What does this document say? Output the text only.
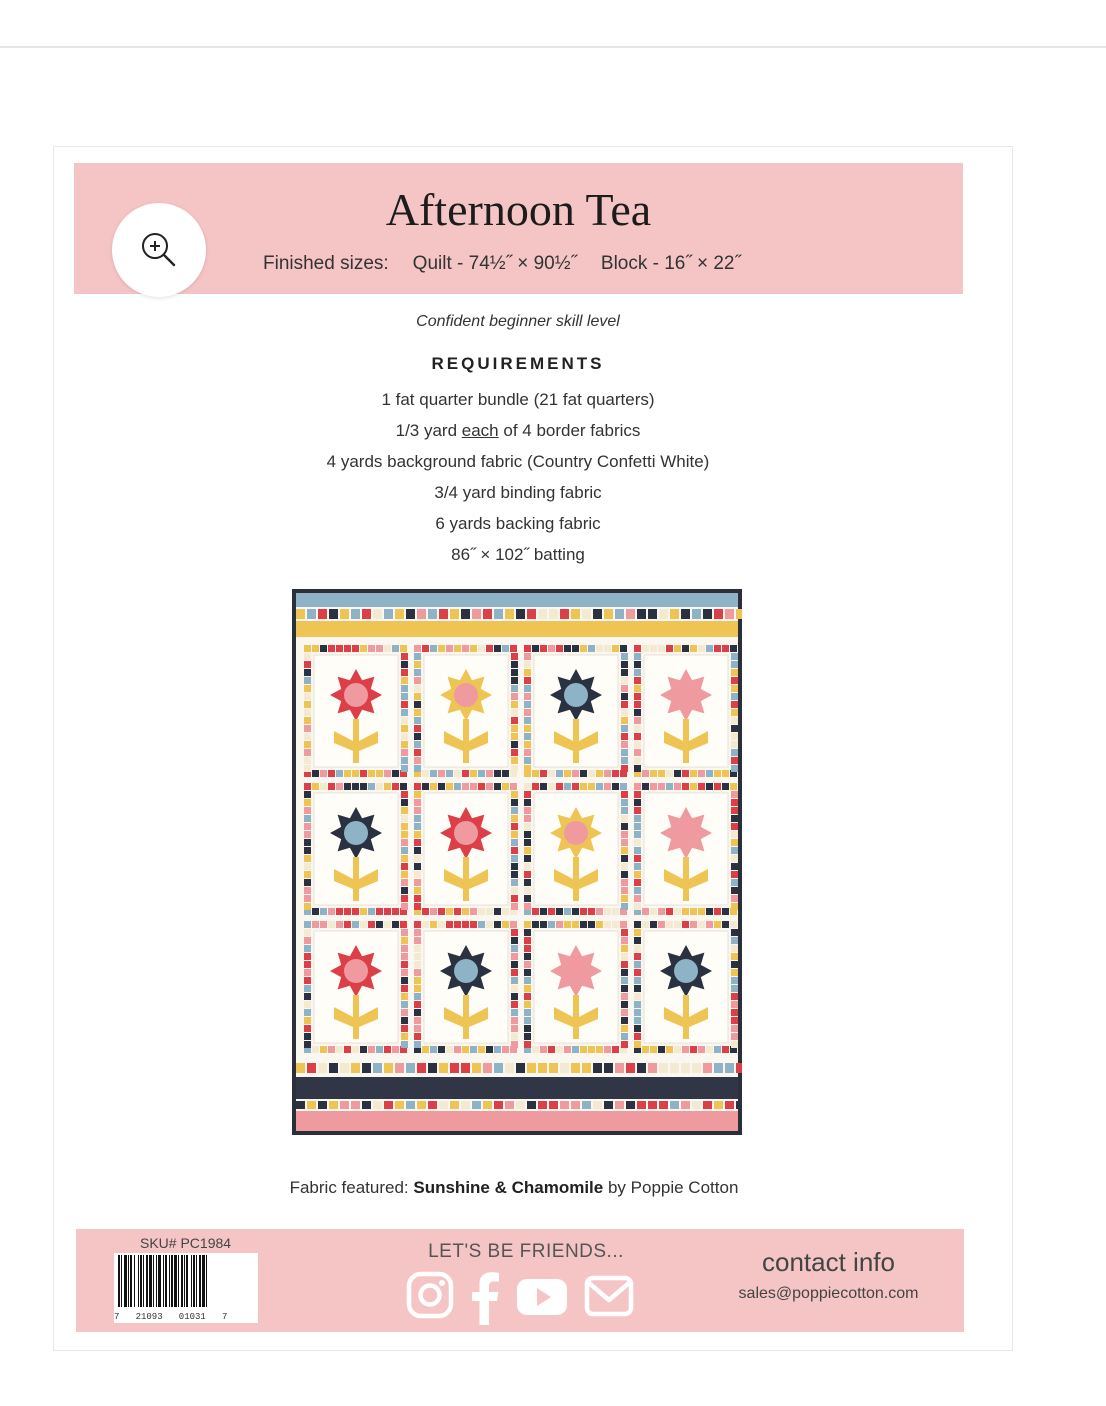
Afternoon Tea
Finished sizes: Quilt - 74½˝ × 90½˝ Block - 16˝ × 22˝
Confident beginner skill level
REQUIREMENTS
1 fat quarter bundle (21 fat quarters)
1/3 yard each of 4 border fabrics
4 yards background fabric (Country Confetti White)
3/4 yard binding fabric
6 yards backing fabric
86˝ × 102˝ batting
Fabric featured: Sunshine & Chamomile by Poppie Cotton
SKU# PC1984
7   21093   01031   7
LET'S BE FRIENDS...	contact info
sales@poppiecotton.com
